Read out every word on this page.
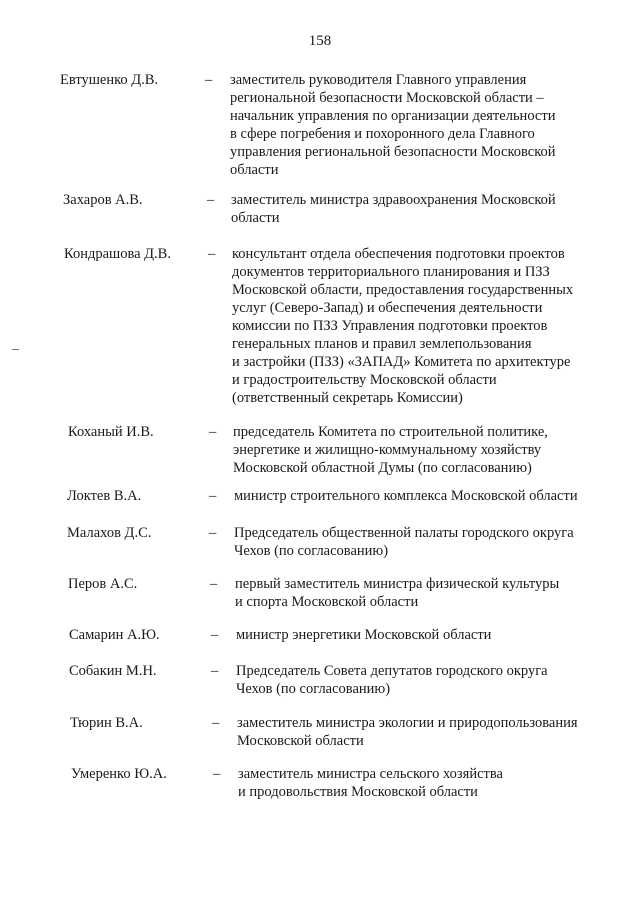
158
Евтушенко Д.В.	– заместитель руководителя Главного управления
региональной безопасности Московской области –
начальник управления по организации деятельности
в сфере погребения и похоронного дела Главного
управления региональной безопасности Московской
области
Захаров А.В.	– заместитель министра здравоохранения Московской
области
Кондрашова Д.В.	– консультант отдела обеспечения подготовки проектов
документов территориального планирования и ПЗЗ
Московской области, предоставления государственных
услуг (Северо-Запад) и обеспечения деятельности
комиссии по ПЗЗ Управления подготовки проектов
генеральных планов и правил землепользования
и застройки (ПЗЗ) «ЗАПАД» Комитета по архитектуре
и градостроительству Московской области
(ответственный секретарь Комиссии)
Коханый И.В.	– председатель Комитета по строительной политике,
энергетике и жилищно-коммунальному хозяйству
Московской областной Думы (по согласованию)
Локтев В.А.	– министр строительного комплекса Московской области
Малахов Д.С.	– Председатель общественной палаты городского округа
Чехов (по согласованию)
Перов А.С.	– первый заместитель министра физической культуры
и спорта Московской области
Самарин А.Ю.	– министр энергетики Московской области
Собакин М.Н.	– Председатель Совета депутатов городского округа
Чехов (по согласованию)
Тюрин В.А.	– заместитель министра экологии и природопользования
Московской области
Умеренко Ю.А.	– заместитель министра сельского хозяйства
и продовольствия Московской области
